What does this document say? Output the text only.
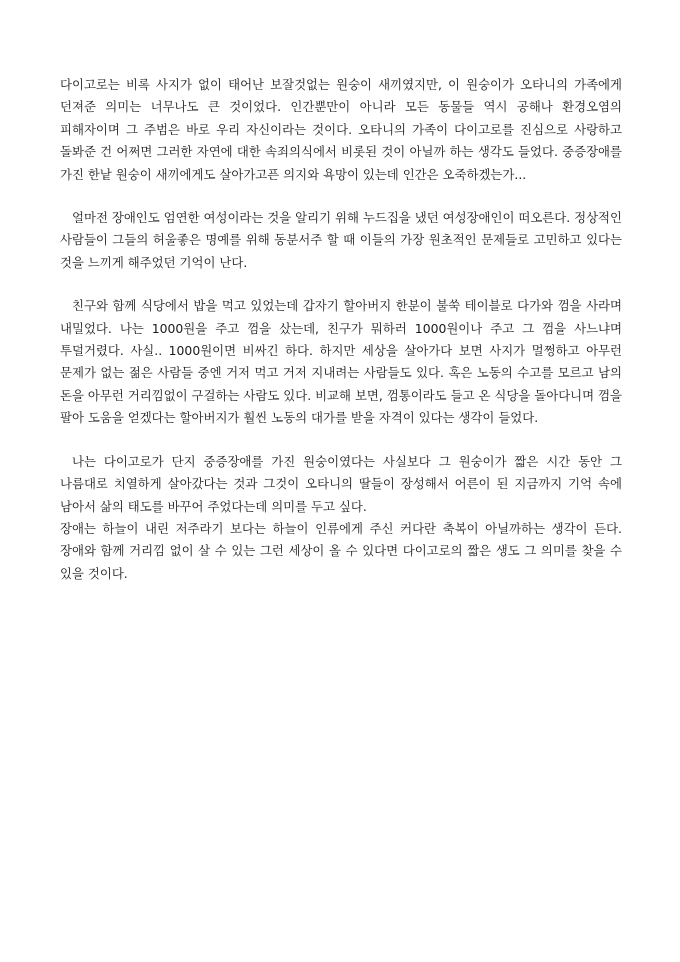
다이고로는 비록 사지가 없이 태어난 보잘것없는 원숭이 새끼였지만, 이 원숭이가 오타니의 가족에게 던져준 의미는 너무나도 큰 것이었다. 인간뿐만이 아니라 모든 동물들 역시 공해나 환경오염의 피해자이며 그 주범은 바로 우리 자신이라는 것이다. 오타니의 가족이 다이고로를 진심으로 사랑하고 돌봐준 건 어쩌면 그러한 자연에 대한 속죄의식에서 비롯된 것이 아닐까 하는 생각도 들었다. 중증장애를 가진 한낱 원숭이 새끼에게도 살아가고픈 의지와 욕망이 있는데 인간은 오죽하겠는가...

얼마전 장애인도 엄연한 여성이라는 것을 알리기 위해 누드집을 냈던 여성장애인이 떠오른다. 정상적인 사람들이 그들의 허울좋은 명예를 위해 동분서주 할 때 이들의 가장 원초적인 문제들로 고민하고 있다는 것을 느끼게 해주었던 기억이 난다.

친구와 함께 식당에서 밥을 먹고 있었는데 갑자기 할아버지 한분이 불쑥 테이블로 다가와 껌을 사라며 내밀었다. 나는 1000원을 주고 껌을 샀는데, 친구가 뭐하러 1000원이나 주고 그 껌을 사느냐며 투덜거렸다. 사실.. 1000원이면 비싸긴 하다. 하지만 세상을 살아가다 보면 사지가 멀쩡하고 아무런 문제가 없는 젊은 사람들 중엔 거저 먹고 거저 지내려는 사람들도 있다. 혹은 노동의 수고를 모르고 남의 돈을 아무런 거리낌없이 구걸하는 사람도 있다. 비교해 보면, 껌통이라도 들고 온 식당을 돌아다니며 껌을 팔아 도움을 얻겠다는 할아버지가 훨씬 노동의 대가를 받을 자격이 있다는 생각이 들었다.

나는 다이고로가 단지 중증장애를 가진 원숭이였다는 사실보다 그 원숭이가 짧은 시간 동안 그 나름대로 치열하게 살아갔다는 것과 그것이 오타니의 딸들이 장성해서 어른이 된 지금까지 기억 속에 남아서 삶의 태도를 바꾸어 주었다는데 의미를 두고 싶다.

장애는 하늘이 내린 저주라기 보다는 하늘이 인류에게 주신 커다란 축복이 아닐까하는 생각이 든다. 장애와 함께 거리낌 없이 살 수 있는 그런 세상이 올 수 있다면 다이고로의 짧은 생도 그 의미를 찾을 수 있을 것이다.
